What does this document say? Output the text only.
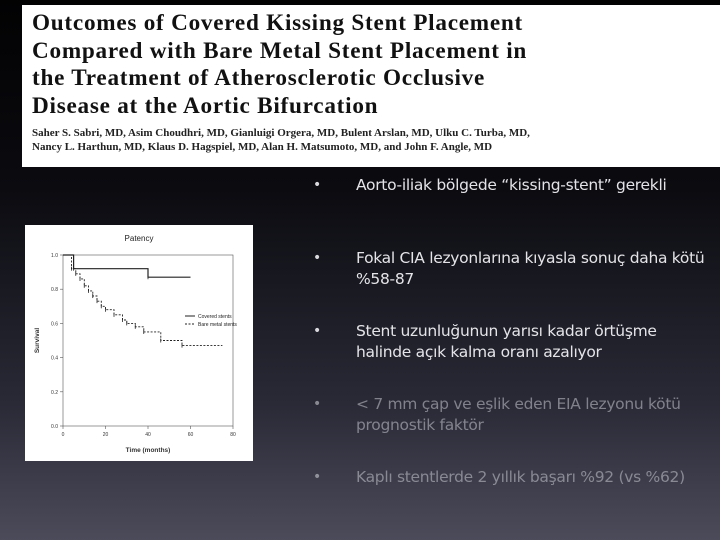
Outcomes of Covered Kissing Stent Placement
Compared with Bare Metal Stent Placement in
the Treatment of Atherosclerotic Occlusive
Disease at the Aortic Bifurcation
Saher S. Sabri, MD, Asim Choudhri, MD, Gianluigi Orgera, MD, Bulent Arslan, MD, Ulku C. Turba, MD,
Nancy L. Harthun, MD, Klaus D. Hagspiel, MD, Alan H. Matsumoto, MD, and John F. Angle, MD
Patency
1.0
0.8
0.6
0.4
0.2
0.0
0	20	40	60	80
Time (months)
Survival
Covered stents
Bare metal stents
• Aorto-iliak bölgede “kissing-stent” gerekli
• Fokal CIA lezyonlarına kıyasla sonuç daha kötü %58-87
• Stent uzunluğunun yarısı kadar örtüşme halinde açık kalma oranı azalıyor
• < 7 mm çap ve eşlik eden EIA lezyonu kötü prognostik faktör
• Kaplı stentlerde 2 yıllık başarı %92 (vs %62)
